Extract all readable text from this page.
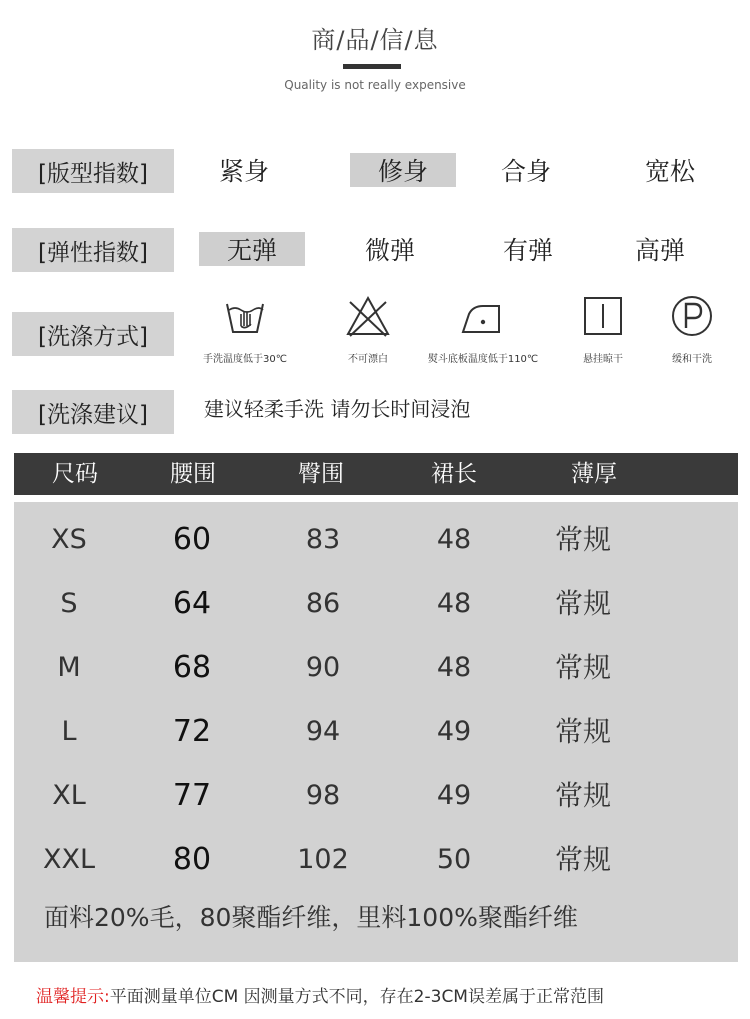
商/品/信/息
Quality is not really expensive
[版型指数]	紧身	修身	合身	宽松
[弹性指数]	无弹	微弹	有弹	高弹
[洗涤方式]
手洗温度低于30℃	不可漂白	熨斗底板温度低于110℃	悬挂晾干	缓和干洗
[洗涤建议]	建议轻柔手洗 请勿长时间浸泡
尺码	腰围	臀围	裙长	薄厚
XS	60	83	48	常规
S	64	86	48	常规
M	68	90	48	常规
L	72	94	49	常规
XL	77	98	49	常规
XXL	80	102	50	常规
面料20%毛，80聚酯纤维，里料100%聚酯纤维
温馨提示:平面测量单位CM 因测量方式不同，存在2-3CM误差属于正常范围
